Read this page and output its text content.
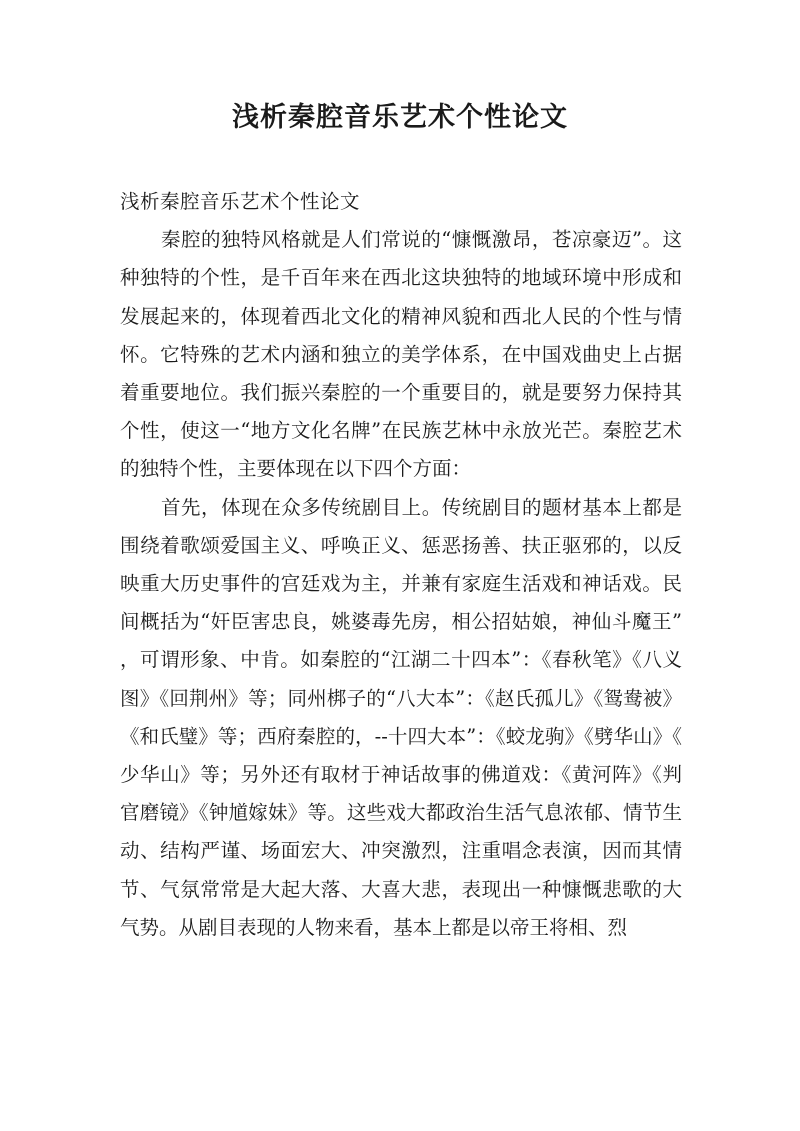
浅析秦腔音乐艺术个性论文

浅析秦腔音乐艺术个性论文

秦腔的独特风格就是人们常说的“慷慨激昂，苍凉豪迈”。这种独特的个性，是千百年来在西北这块独特的地域环境中形成和发展起来的，体现着西北文化的精神风貌和西北人民的个性与情怀。它特殊的艺术内涵和独立的美学体系，在中国戏曲史上占据着重要地位。我们振兴秦腔的一个重要目的，就是要努力保持其个性，使这一“地方文化名牌”在民族艺林中永放光芒。秦腔艺术的独特个性，主要体现在以下四个方面：

首先，体现在众多传统剧目上。传统剧目的题材基本上都是围绕着歌颂爱国主义、呼唤正义、惩恶扬善、扶正驱邪的，以反映重大历史事件的宫廷戏为主，并兼有家庭生活戏和神话戏。民间概括为“奸臣害忠良，姚婆毒先房，相公招姑娘，神仙斗魔王”，可谓形象、中肯。如秦腔的“江湖二十四本”：《春秋笔》《八义图》《回荆州》等；同州梆子的“八大本”：《赵氏孤儿》《鸳鸯被》《和氏璧》等；西府秦腔的，--十四大本”：《蛟龙驹》《劈华山》《少华山》等；另外还有取材于神话故事的佛道戏：《黄河阵》《判官磨镜》《钟馗嫁妹》等。这些戏大都政治生活气息浓郁、情节生动、结构严谨、场面宏大、冲突激烈，注重唱念表演，因而其情节、气氛常常是大起大落、大喜大悲，表现出一种慷慨悲歌的大气势。从剧目表现的人物来看，基本上都是以帝王将相、烈
